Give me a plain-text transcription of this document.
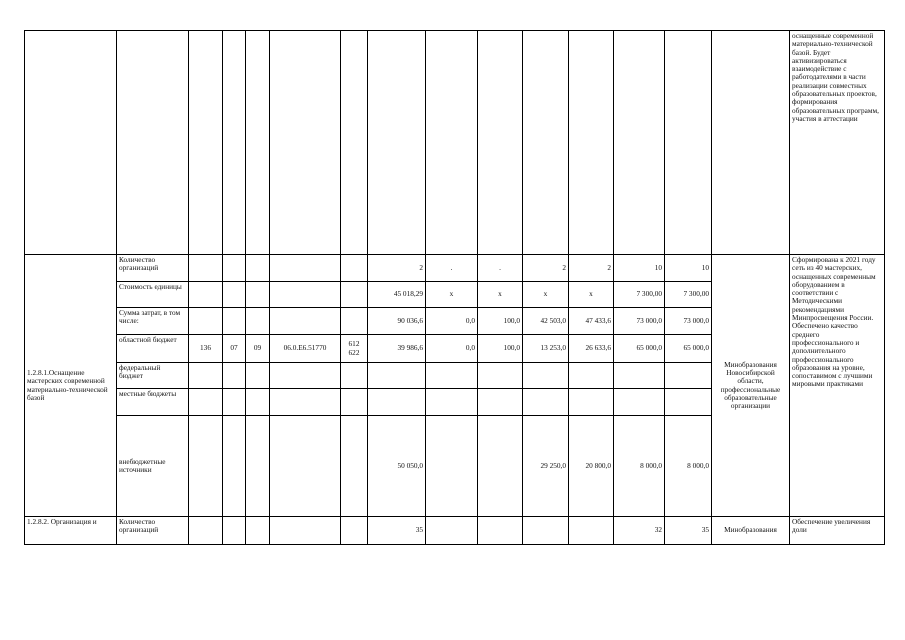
															оснащенные современной материально-технической базой. Будет активизироваться взаимодействие с работодателями в части реализации совместных образовательных проектов, формирования образовательных программ, участия в аттестации
1.2.8.1.Оснащение мастерских современной материально-технической базой	Количество организаций						2	.	.	2	2	10	10	Минобразования Новосибирской области, профессиональные образовательные организации	Сформирована к 2021 году сеть из 40 мастерских, оснащенных современным оборудованием в соответствии с Методическими рекомендациями Минпросвещения России. Обеспечено качество среднего профессионального и дополнительного профессионального образования на уровне, сопоставимом с лучшими мировыми практиками
	Стоимость единицы						45 018,29	х	х	х	х	7 300,00	7 300,00		
	Сумма затрат, в том числе:						90 036,6	0,0	100,0	42 503,0	47 433,6	73 000,0	73 000,0		
	областной бюджет	136	07	09	06.0.E6.51770	612 622	39 986,6	0,0	100,0	13 253,0	26 633,6	65 000,0	65 000,0		
	федеральный бюджет														
	местные бюджеты														
	внебюджетные источники						50 050,0			29 250,0	20 800,0	8 000,0	8 000,0		
1.2.8.2. Организация и	Количество организаций						35					32	35	Минобразования	Обеспечение увеличения доли
